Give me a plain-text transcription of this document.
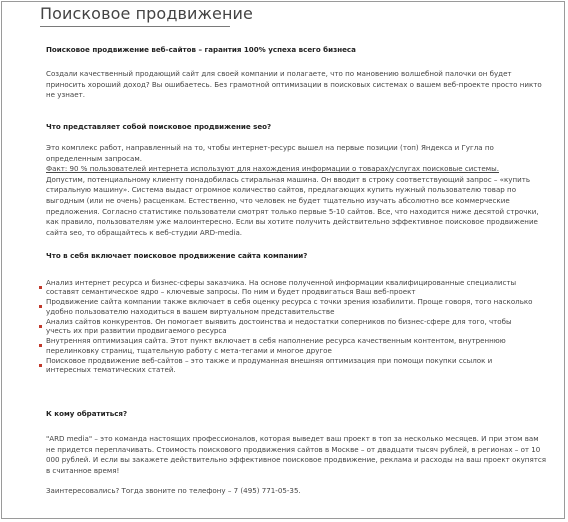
Поисковое продвижение
Поисковое продвижение веб-сайтов – гарантия 100% успеха всего бизнеса
Создали качественный продающий сайт для своей компании и полагаете, что по мановению волшебной палочки он будет приносить хороший доход? Вы ошибаетесь. Без грамотной оптимизации в поисковых системах о вашем веб-проекте просто никто не узнает.
Что представляет собой поисковое продвижение seo?
Это комплекс работ, направленный на то, чтобы интернет-ресурс вышел на первые позиции (топ) Яндекса и Гугла по определенным запросам.
Факт: 90 % пользователей интернета используют для нахождения информации о товарах/услугах поисковые системы.
Допустим, потенциальному клиенту понадобилась стиральная машина. Он вводит в строку соответствующий запрос – «купить стиральную машину». Система выдаст огромное количество сайтов, предлагающих купить нужный пользователю товар по выгодным (или не очень) расценкам. Естественно, что человек не будет тщательно изучать абсолютно все коммерческие предложения. Согласно статистике пользователи смотрят только первые 5-10 сайтов. Все, что находится ниже десятой строчки, как правило, пользователям уже малоинтересно. Если вы хотите получить действительно эффективное поисковое продвижение сайта seo, то обращайтесь к веб-студии ARD-media.
Что в себя включает поисковое продвижение сайта компании?
Анализ интернет ресурса и бизнес-сферы заказчика. На основе полученной информации квалифицированные специалисты составят семантическое ядро – ключевые запросы. По ним и будет продвигаться Ваш веб-проект
Продвижение сайта компании также включает в себя оценку ресурса с точки зрения юзабилити. Проще говоря, того насколько удобно пользователю находиться в вашем виртуальном представительстве
Анализ сайтов конкурентов. Он помогает выявить достоинства и недостатки соперников по бизнес-сфере для того, чтобы учесть их при развитии продвигаемого ресурса
Внутренняя оптимизация сайта. Этот пункт включает в себя наполнение ресурса качественным контентом, внутреннюю перелинковку страниц, тщательную работу с мета-тегами и многое другое
Поисковое продвижение веб-сайтов – это также и продуманная внешняя оптимизация при помощи покупки ссылок и интересных тематических статей.
К кому обратиться?
"ARD media" – это команда настоящих профессионалов, которая выведет ваш проект в топ за несколько месяцев. И при этом вам не придется переплачивать. Стоимость поискового продвижения сайтов в Москве – от двадцати тысяч рублей, в регионах – от 10 000 рублей. И если вы закажете действительно эффективное поисковое продвижение, реклама и расходы на ваш проект окупятся в считанное время!
Заинтересовались? Тогда звоните по телефону – 7 (495) 771-05-35.
